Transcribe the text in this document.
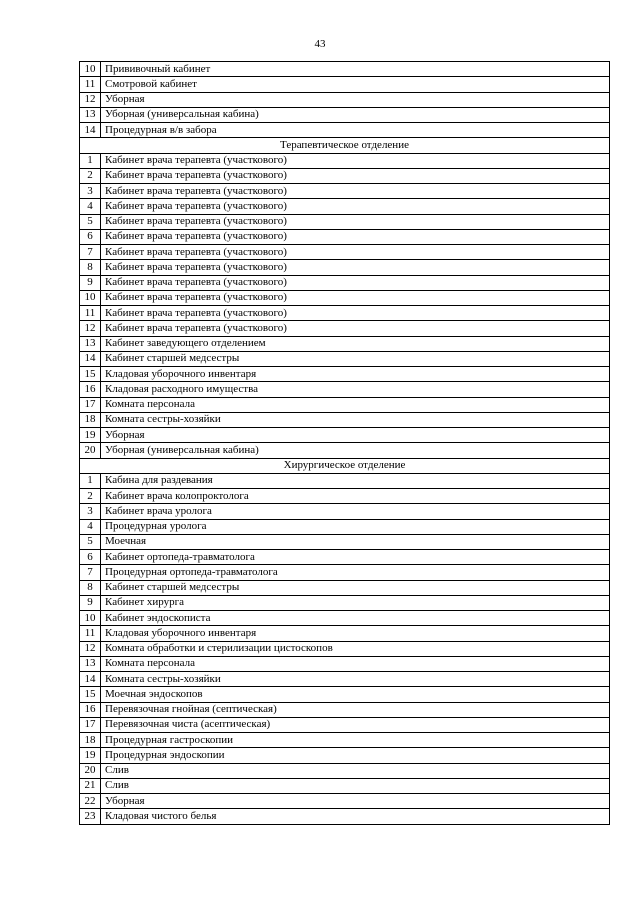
43
10	Прививочный кабинет
11	Смотровой кабинет
12	Уборная
13	Уборная (универсальная кабина)
14	Процедурная в/в забора
Терапевтическое отделение	
1	Кабинет врача терапевта (участкового)
2	Кабинет врача терапевта (участкового)
3	Кабинет врача терапевта (участкового)
4	Кабинет врача терапевта (участкового)
5	Кабинет врача терапевта (участкового)
6	Кабинет врача терапевта (участкового)
7	Кабинет врача терапевта (участкового)
8	Кабинет врача терапевта (участкового)
9	Кабинет врача терапевта (участкового)
10	Кабинет врача терапевта (участкового)
11	Кабинет врача терапевта (участкового)
12	Кабинет врача терапевта (участкового)
13	Кабинет заведующего отделением
14	Кабинет старшей медсестры
15	Кладовая уборочного инвентаря
16	Кладовая расходного имущества
17	Комната персонала
18	Комната сестры-хозяйки
19	Уборная
20	Уборная (универсальная кабина)
Хирургическое отделение	
1	Кабина для раздевания
2	Кабинет врача колопроктолога
3	Кабинет врача уролога
4	Процедурная уролога
5	Моечная
6	Кабинет ортопеда-травматолога
7	Процедурная ортопеда-травматолога
8	Кабинет старшей медсестры
9	Кабинет хирурга
10	Кабинет эндоскописта
11	Кладовая уборочного инвентаря
12	Комната обработки и стерилизации цистоскопов
13	Комната персонала
14	Комната сестры-хозяйки
15	Моечная эндоскопов
16	Перевязочная гнойная (септическая)
17	Перевязочная чиста (асептическая)
18	Процедурная гастроскопии
19	Процедурная эндоскопии
20	Слив
21	Слив
22	Уборная
23	Кладовая чистого белья
